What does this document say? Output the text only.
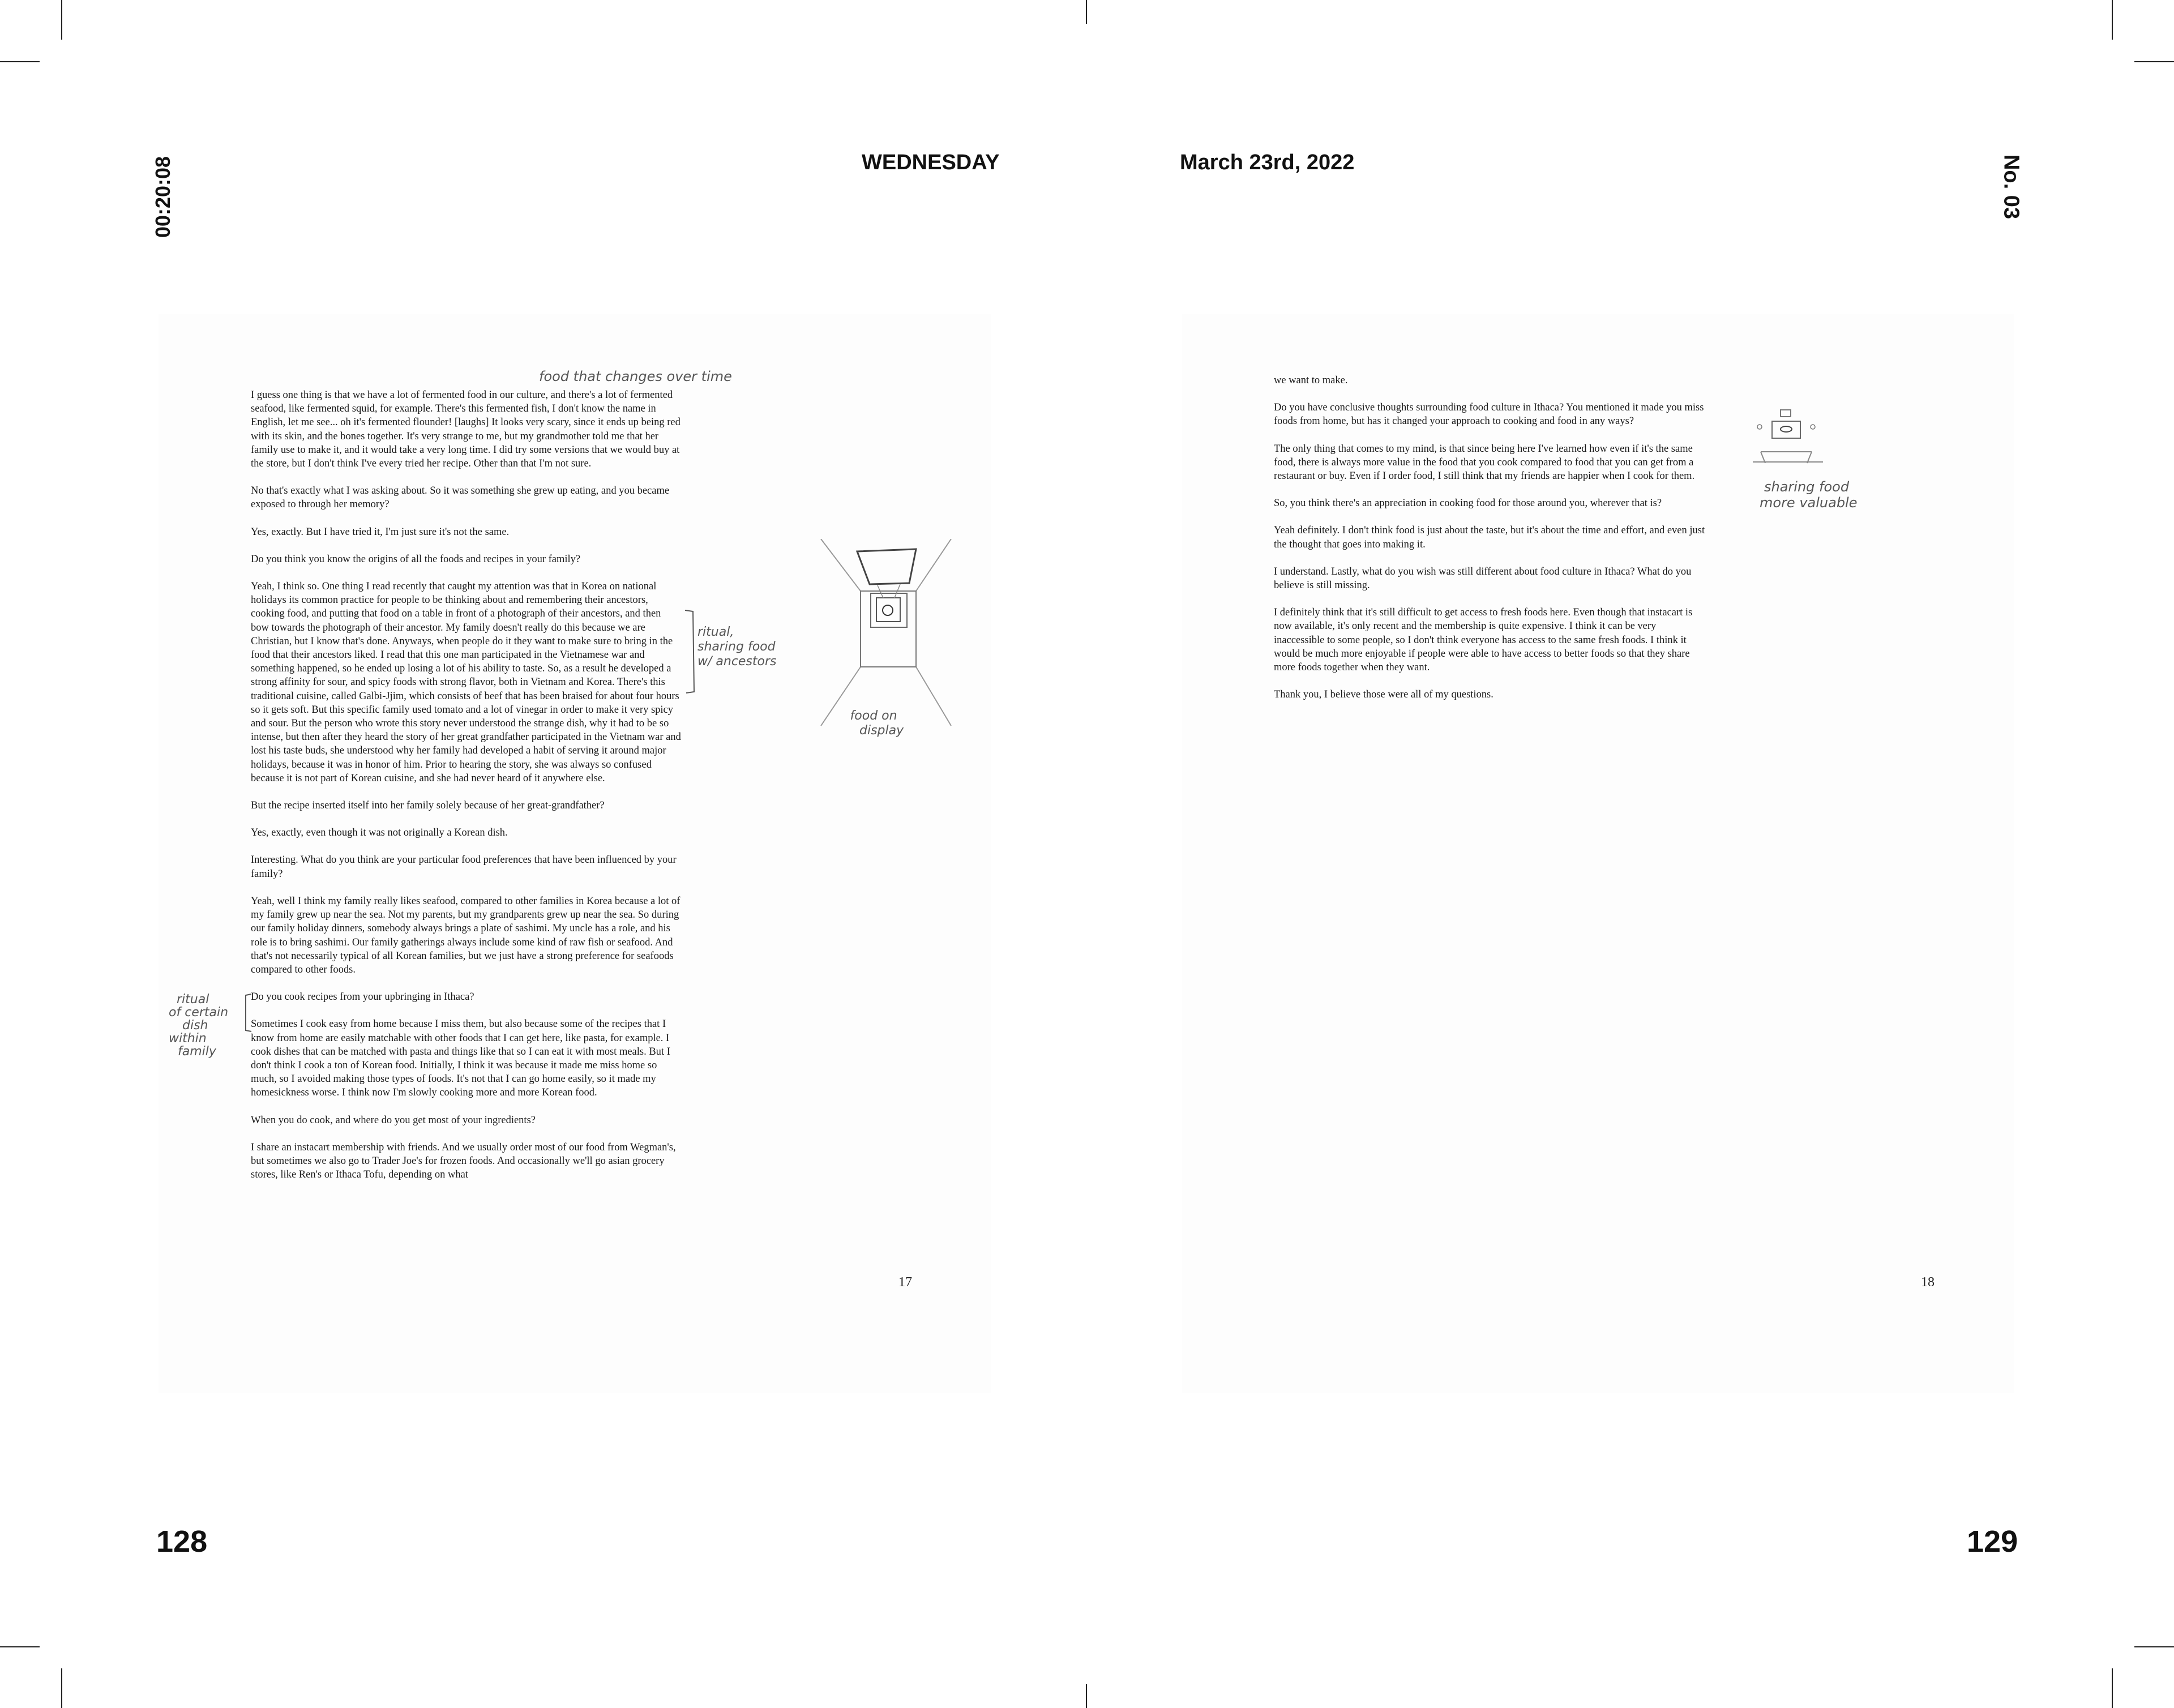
00:20:08	WEDNESDAY	March 23rd, 2022	No. 03

I guess one thing is that we have a lot of fermented food in our culture, and there's a lot of fermented seafood, like fermented squid, for example. There's this fermented fish, I don't know the name in English, let me see... oh it's fermented flounder! [laughs] It looks very scary, since it ends up being red with its skin, and the bones together. It's very strange to me, but my grandmother told me that her family use to make it, and it would take a very long time. I did try some versions that we would buy at the store, but I don't think I've every tried her recipe. Other than that I'm not sure.

No that's exactly what I was asking about. So it was something she grew up eating, and you became exposed to through her memory?

Yes, exactly. But I have tried it, I'm just sure it's not the same.

Do you think you know the origins of all the foods and recipes in your family?

Yeah, I think so. One thing I read recently that caught my attention was that in Korea on national holidays its common practice for people to be thinking about and remembering their ancestors, cooking food, and putting that food on a table in front of a photograph of their ancestors, and then bow towards the photograph of their ancestor. My family doesn't really do this because we are Christian, but I know that's done. Anyways, when people do it they want to make sure to bring in the food that their ancestors liked. I read that this one man participated in the Vietnamese war and something happened, so he ended up losing a lot of his ability to taste. So, as a result he developed a strong affinity for sour, and spicy foods with strong flavor, both in Vietnam and Korea. There's this traditional cuisine, called Galbi-Jjim, which consists of beef that has been braised for about four hours so it gets soft. But this specific family used tomato and a lot of vinegar in order to make it very spicy and sour. But the person who wrote this story never understood the strange dish, why it had to be so intense, but then after they heard the story of her great grandfather participated in the Vietnam war and lost his taste buds, she understood why her family had developed a habit of serving it around major holidays, because it was in honor of him. Prior to hearing the story, she was always so confused because it is not part of Korean cuisine, and she had never heard of it anywhere else.

But the recipe inserted itself into her family solely because of her great-grandfather?

Yes, exactly, even though it was not originally a Korean dish.

Interesting. What do you think are your particular food preferences that have been influenced by your family?

Yeah, well I think my family really likes seafood, compared to other families in Korea because a lot of my family grew up near the sea. Not my parents, but my grandparents grew up near the sea. So during our family holiday dinners, somebody always brings a plate of sashimi. My uncle has a role, and his role is to bring sashimi. Our family gatherings always include some kind of raw fish or seafood. And that's not necessarily typical of all Korean families, but we just have a strong preference for seafoods compared to other foods.

Do you cook recipes from your upbringing in Ithaca?

Sometimes I cook easy from home because I miss them, but also because some of the recipes that I know from home are easily matchable with other foods that I can get here, like pasta, for example. I cook dishes that can be matched with pasta and things like that so I can eat it with most meals. But I don't think I cook a ton of Korean food. Initially, I think it was because it made me miss home so much, so I avoided making those types of foods. It's not that I can go home easily, so it made my homesickness worse. I think now I'm slowly cooking more and more Korean food.

When you do cook, and where do you get most of your ingredients?

I share an instacart membership with friends. And we usually order most of our food from Wegman's, but sometimes we also go to Trader Joe's for frozen foods. And occasionally we'll go asian grocery stores, like Ren's or Ithaca Tofu, depending on what

food that changes over time
ritual,
sharing food
w/ ancestors
food on
display
ritual
of certain
dish
within
family
17
128

we want to make.

Do you have conclusive thoughts surrounding food culture in Ithaca? You mentioned it made you miss foods from home, but has it changed your approach to cooking and food in any ways?

The only thing that comes to my mind, is that since being here I've learned how even if it's the same food, there is always more value in the food that you cook compared to food that you can get from a restaurant or buy. Even if I order food, I still think that my friends are happier when I cook for them.

So, you think there's an appreciation in cooking food for those around you, wherever that is?

Yeah definitely. I don't think food is just about the taste, but it's about the time and effort, and even just the thought that goes into making it.

I understand. Lastly, what do you wish was still different about food culture in Ithaca? What do you believe is still missing.

I definitely think that it's still difficult to get access to fresh foods here. Even though that instacart is now available, it's only recent and the membership is quite expensive. I think it can be very inaccessible to some people, so I don't think everyone has access to the same fresh foods. I think it would be much more enjoyable if people were able to have access to better foods so that they share more foods together when they want.

Thank you, I believe those were all of my questions.

sharing food
more valuable
18
129
